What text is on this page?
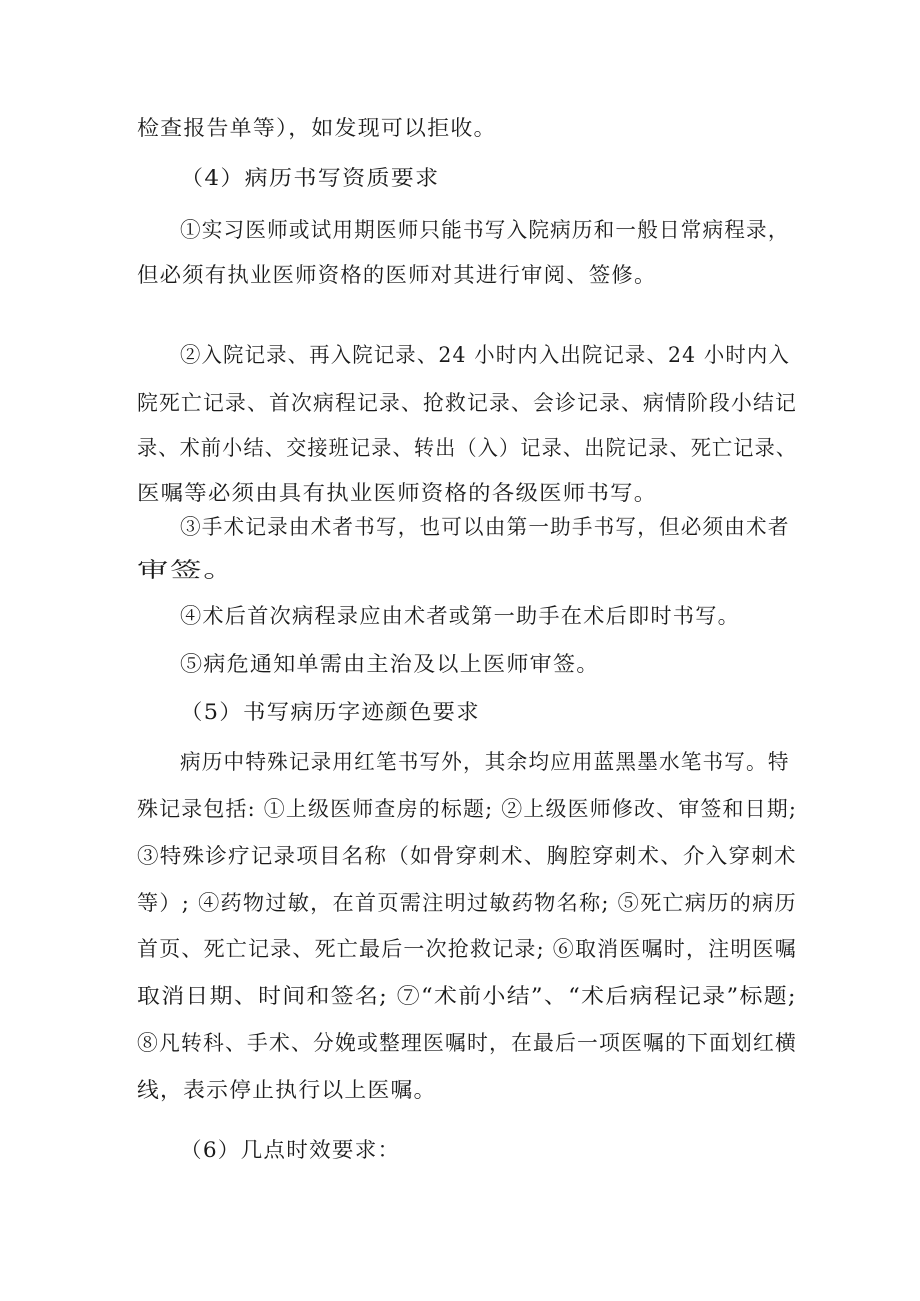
检查报告单等），如发现可以拒收。
（4）病历书写资质要求
①实习医师或试用期医师只能书写入院病历和一般日常病程录，
但必须有执业医师资格的医师对其进行审阅、签修。
②入院记录、再入院记录、24 小时内入出院记录、24 小时内入
院死亡记录、首次病程记录、抢救记录、会诊记录、病情阶段小结记
录、术前小结、交接班记录、转出（入）记录、出院记录、死亡记录、
医嘱等必须由具有执业医师资格的各级医师书写。
③手术记录由术者书写，也可以由第一助手书写，但必须由术者
审签。
④术后首次病程录应由术者或第一助手在术后即时书写。
⑤病危通知单需由主治及以上医师审签。
（5）书写病历字迹颜色要求
病历中特殊记录用红笔书写外，其余均应用蓝黑墨水笔书写。特
殊记录包括: ①上级医师查房的标题; ②上级医师修改、审签和日期;
③特殊诊疗记录项目名称（如骨穿刺术、胸腔穿刺术、介入穿刺术
等）; ④药物过敏，在首页需注明过敏药物名称; ⑤死亡病历的病历
首页、死亡记录、死亡最后一次抢救记录; ⑥取消医嘱时，注明医嘱
取消日期、时间和签名; ⑦“术前小结”、“术后病程记录”标题;
⑧凡转科、手术、分娩或整理医嘱时，在最后一项医嘱的下面划红横
线，表示停止执行以上医嘱。
（6）几点时效要求：
